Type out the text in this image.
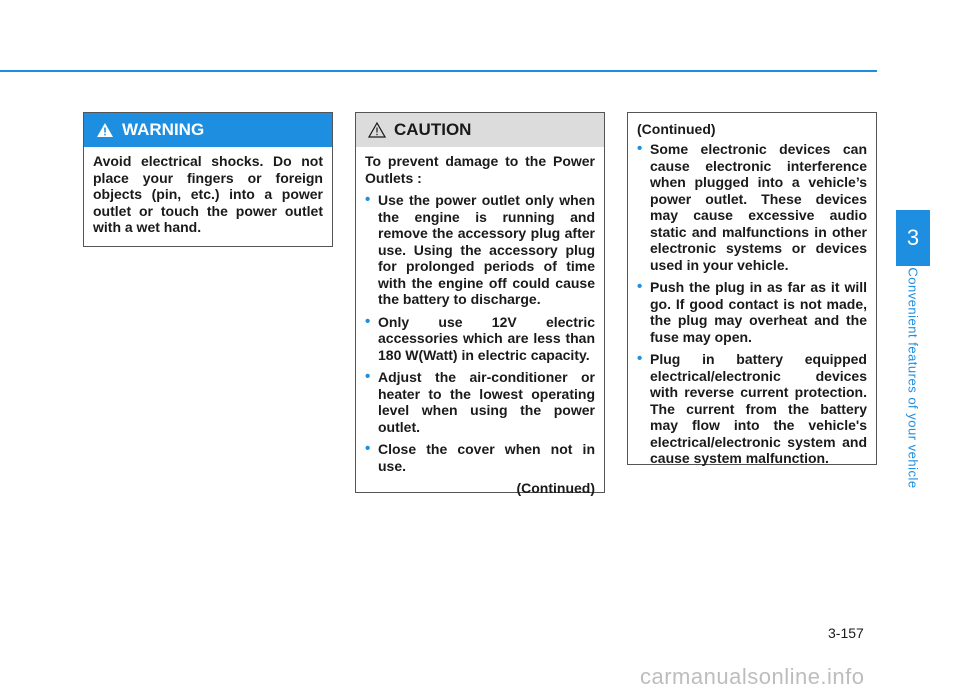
WARNING

Avoid electrical shocks. Do not place your fingers or foreign objects (pin, etc.) into a power outlet or touch the power outlet with a wet hand.

CAUTION

To prevent damage to the Power Outlets :

• Use the power outlet only when the engine is running and remove the accessory plug after use. Using the accessory plug for prolonged periods of time with the engine off could cause the battery to discharge.
• Only use 12V electric accessories which are less than 180 W(Watt) in electric capacity.
• Adjust the air-conditioner or heater to the lowest operating level when using the power outlet.
• Close the cover when not in use.

(Continued)

(Continued)
• Some electronic devices can cause electronic interference when plugged into a vehicle’s power outlet. These devices may cause excessive audio static and malfunctions in other electronic systems or devices used in your vehicle.
• Push the plug in as far as it will go. If good contact is not made, the plug may overheat and the fuse may open.
• Plug in battery equipped electrical/electronic devices with reverse current protection. The current from the battery may flow into the vehicle's electrical/electronic system and cause system malfunction.
3
Convenient features of your vehicle
3-157
carmanualsonline.info
